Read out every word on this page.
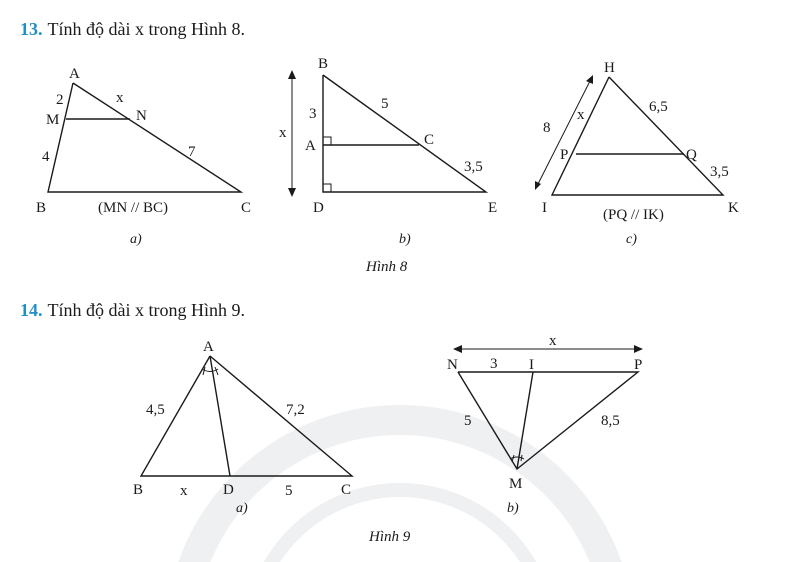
13. Tính độ dài x trong Hình 8.
14. Tính độ dài x trong Hình 9.
A
M	N
B	C
2	x
4	7
(MN // BC)
a)
B
A	C
D	E
3
5
3,5
x
b)
H
P	Q
I	K
6,5
3,5
x
8
(PQ // IK)
c)
Hình 8
A
B	D	C
4,5	7,2
x	5
a)
N	I	P
M
3
5	8,5
x
b)
Hình 9
